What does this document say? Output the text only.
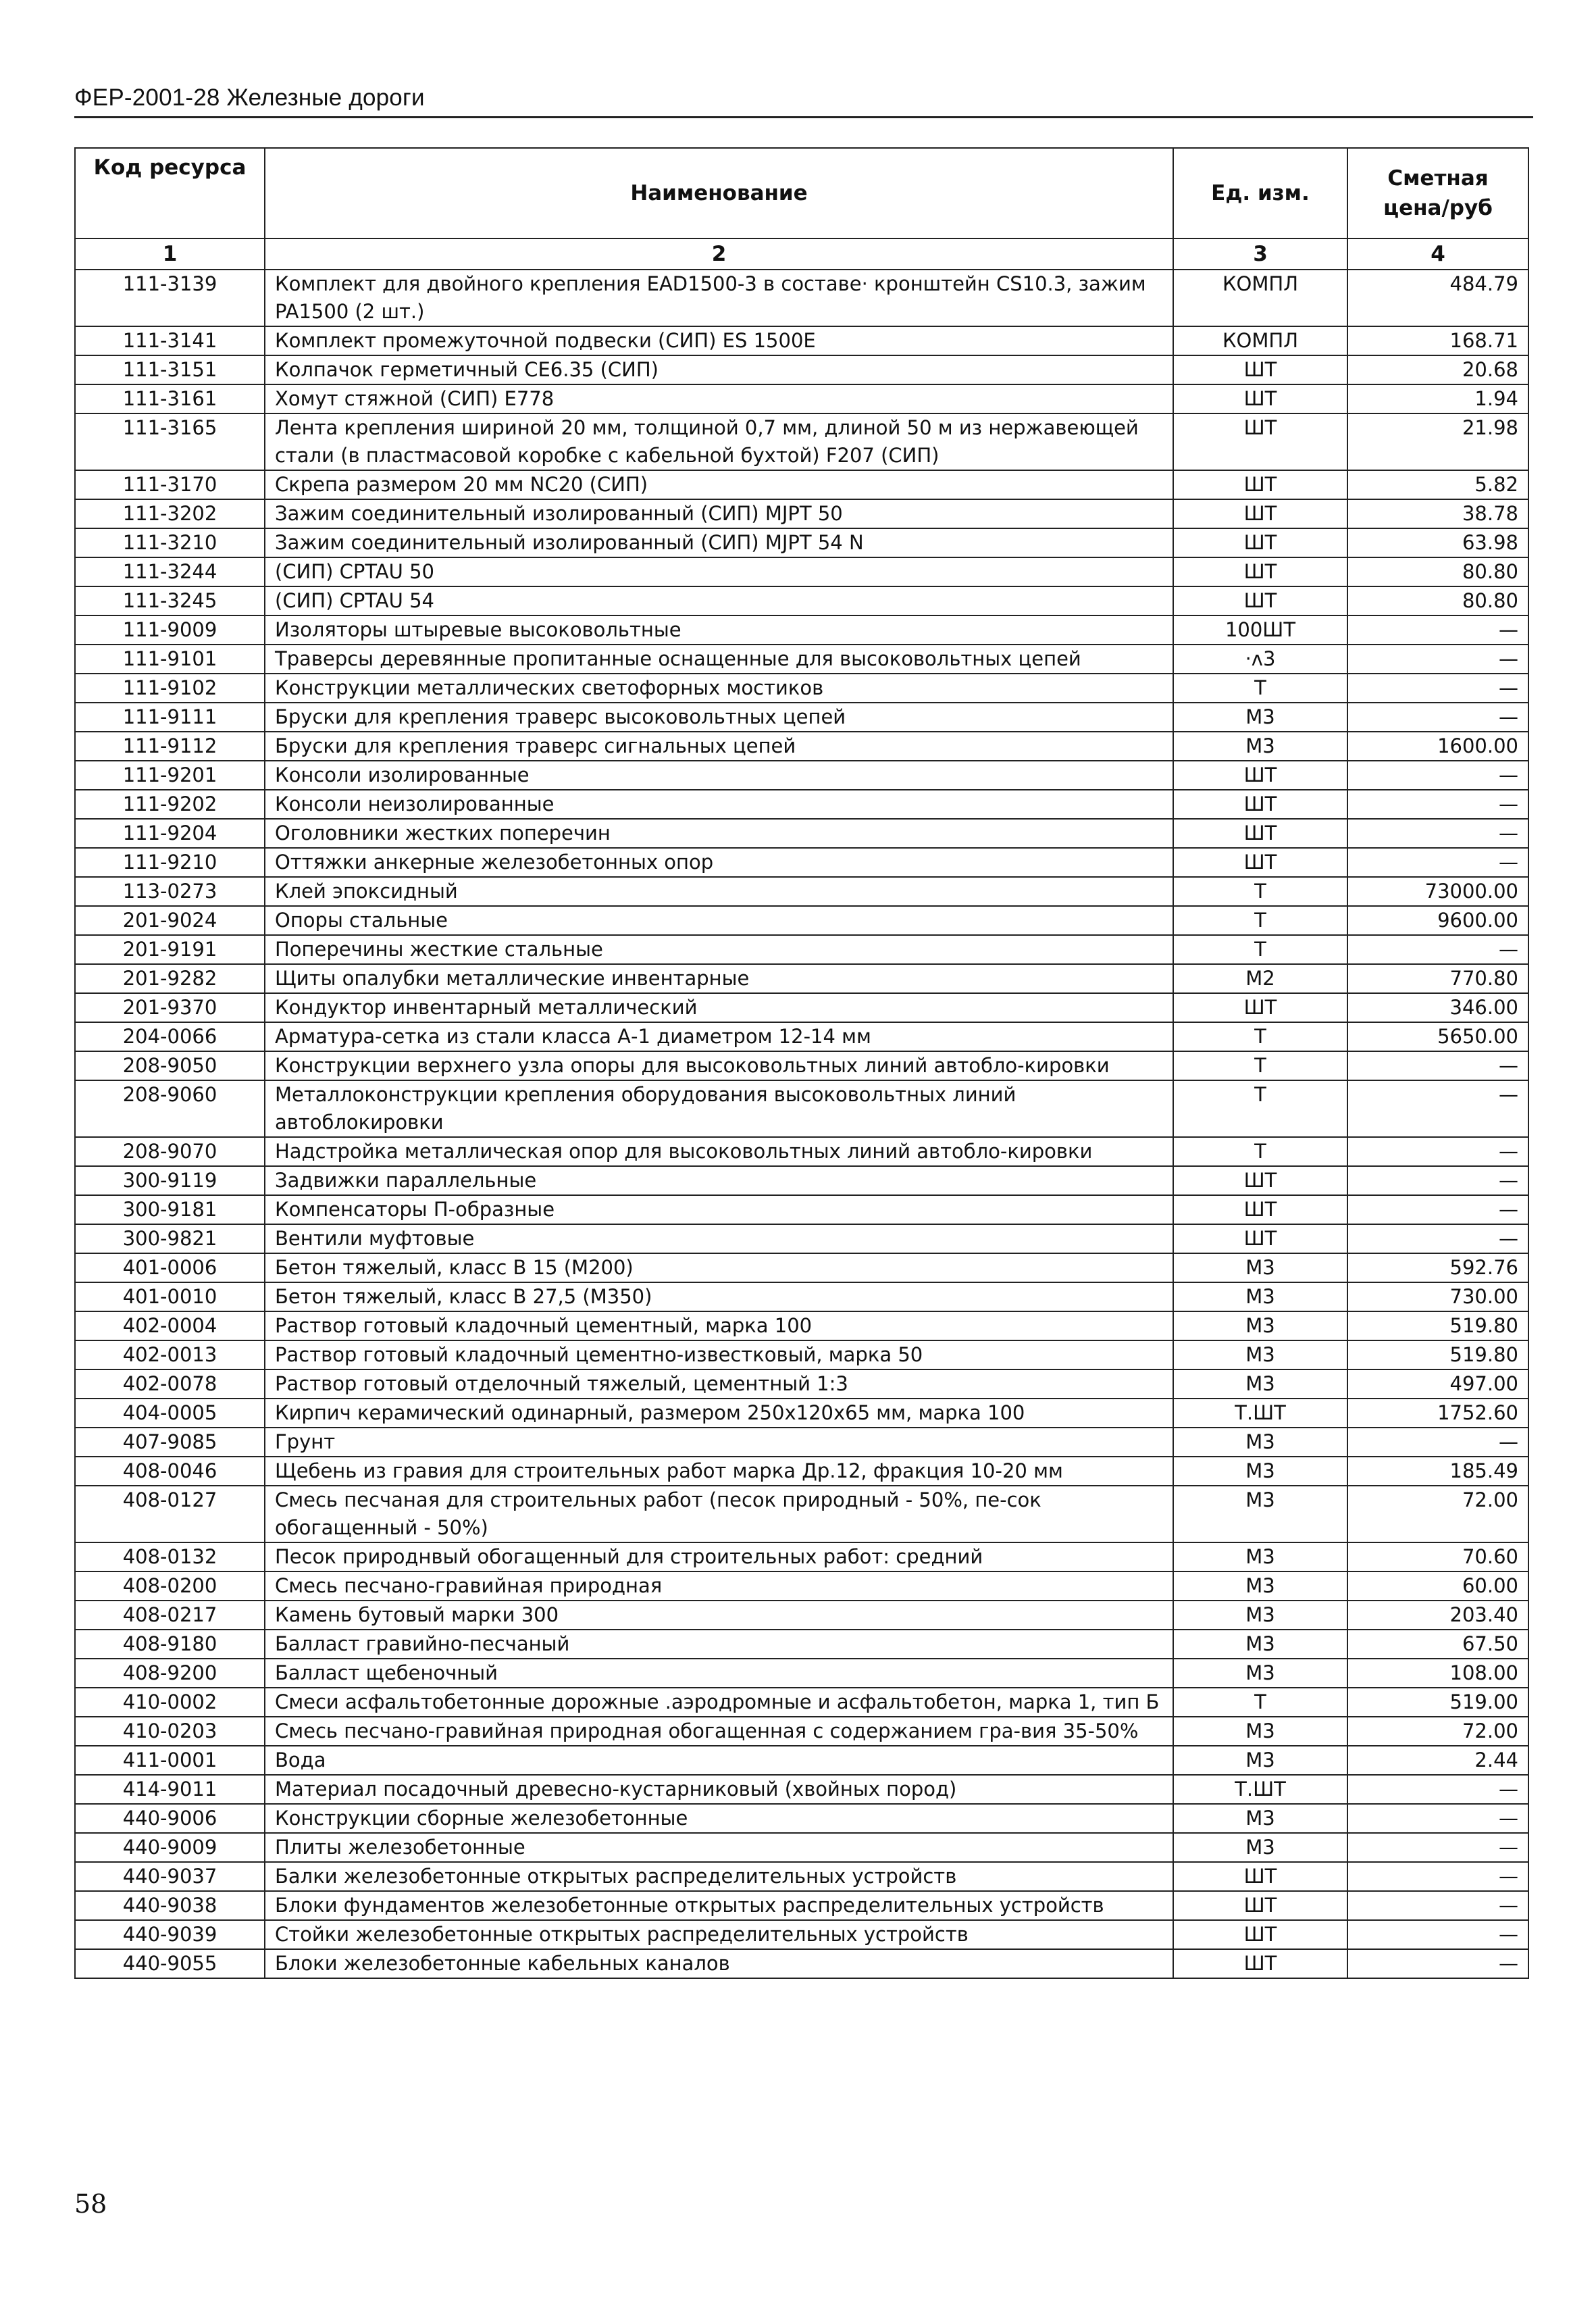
ФЕР-2001-28 Железные дороги
Код ресурса	Наименование	Ед. изм.	Сметная цена/руб
1	2	3	4
111-3139	Комплект для двойного крепления EAD1500-3 в составе· кронштейн CS10.3, зажим PA1500 (2 шт.)	КОМПЛ	484.79
111-3141	Комплект промежуточной подвески (СИП) ES 1500E	КОМПЛ	168.71
111-3151	Колпачок герметичный CE6.35 (СИП)	ШТ	20.68
111-3161	Хомут стяжной (СИП) E778	ШТ	1.94
111-3165	Лента крепления шириной 20 мм, толщиной 0,7 мм, длиной 50 м из нержавеющей стали (в пластмасовой коробке с кабельной бухтой) F207 (СИП)	ШТ	21.98
111-3170	Скрепа размером 20 мм NC20 (СИП)	ШТ	5.82
111-3202	Зажим соединительный изолированный (СИП) MJPT 50	ШТ	38.78
111-3210	Зажим соединительный изолированный (СИП) MJPT 54 N	ШТ	63.98
111-3244	(СИП) CPTAU 50	ШТ	80.80
111-3245	(СИП) CPTAU 54	ШТ	80.80
111-9009	Изоляторы штыревые высоковольтные	100ШТ	—
111-9101	Траверсы деревянные пропитанные оснащенные для высоковольтных цепей	·ʌ3	—
111-9102	Конструкции металлических светофорных мостиков	Т	—
111-9111	Бруски для крепления траверс высоковольтных цепей	М3	—
111-9112	Бруски для крепления траверс сигнальных цепей	М3	1600.00
111-9201	Консоли изолированные	ШТ	—
111-9202	Консоли неизолированные	ШТ	—
111-9204	Оголовники жестких поперечин	ШТ	—
111-9210	Оттяжки анкерные железобетонных опор	ШТ	—
113-0273	Клей эпоксидный	Т	73000.00
201-9024	Опоры стальные	Т	9600.00
201-9191	Поперечины жесткие стальные	Т	—
201-9282	Щиты опалубки металлические инвентарные	М2	770.80
201-9370	Кондуктор инвентарный металлический	ШТ	346.00
204-0066	Арматура-сетка из стали класса А-1 диаметром 12-14 мм	Т	5650.00
208-9050	Конструкции верхнего узла опоры для высоковольтных линий автобло-кировки	Т	—
208-9060	Металлоконструкции крепления оборудования высоковольтных линий автоблокировки	Т	—
208-9070	Надстройка металлическая опор для высоковольтных линий автобло-кировки	Т	—
300-9119	Задвижки параллельные	ШТ	—
300-9181	Компенсаторы П-образные	ШТ	—
300-9821	Вентили муфтовые	ШТ	—
401-0006	Бетон тяжелый, класс В 15 (М200)	М3	592.76
401-0010	Бетон тяжелый, класс В 27,5 (М350)	М3	730.00
402-0004	Раствор готовый кладочный цементный, марка 100	М3	519.80
402-0013	Раствор готовый кладочный цементно-известковый, марка 50	М3	519.80
402-0078	Раствор готовый отделочный тяжелый, цементный 1:3	М3	497.00
404-0005	Кирпич керамический одинарный, размером 250х120х65 мм, марка 100	Т.ШТ	1752.60
407-9085	Грунт	М3	—
408-0046	Щебень из гравия для строительных работ марка Др.12, фракция 10-20 мм	М3	185.49
408-0127	Смесь песчаная для строительных работ (песок природный - 50%, пе-сок обогащенный - 50%)	М3	72.00
408-0132	Песок природнвый обогащенный для строительных работ: средний	М3	70.60
408-0200	Смесь песчано-гравийная природная	М3	60.00
408-0217	Камень бутовый марки 300	М3	203.40
408-9180	Балласт гравийно-песчаный	М3	67.50
408-9200	Балласт щебеночный	М3	108.00
410-0002	Смеси асфальтобетонные дорожные .аэродромные и асфальтобетон, марка 1, тип Б	Т	519.00
410-0203	Смесь песчано-гравийная природная обогащенная с содержанием гра-вия 35-50%	М3	72.00
411-0001	Вода	М3	2.44
414-9011	Материал посадочный древесно-кустарниковый (хвойных пород)	Т.ШТ	—
440-9006	Конструкции сборные железобетонные	М3	—
440-9009	Плиты железобетонные	М3	—
440-9037	Балки железобетонные открытых распределительных устройств	ШТ	—
440-9038	Блоки фундаментов железобетонные открытых распределительных устройств	ШТ	—
440-9039	Стойки железобетонные открытых распределительных устройств	ШТ	—
440-9055	Блоки железобетонные кабельных каналов	ШТ	—
58
